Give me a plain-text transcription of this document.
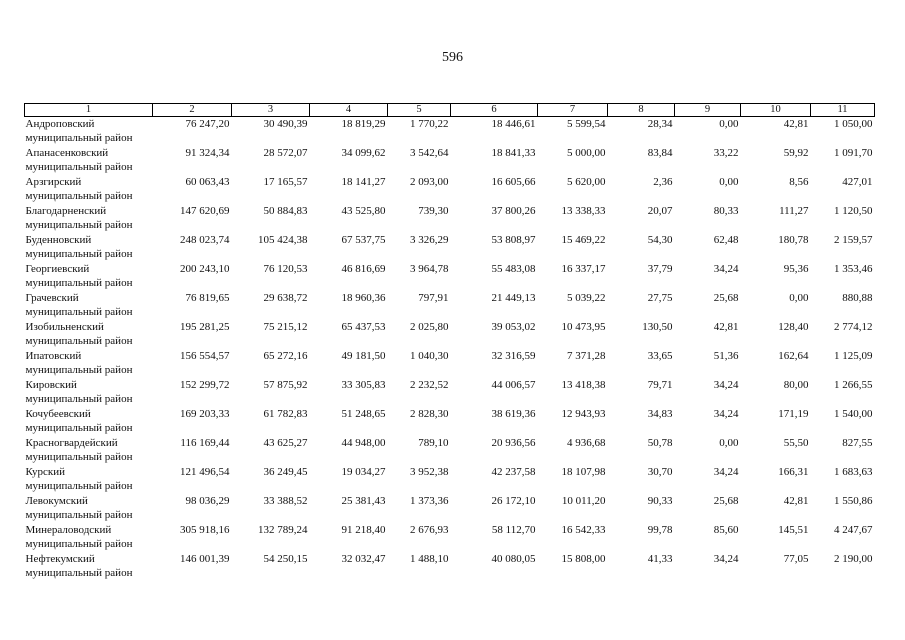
596
1	2	3	4	5	6	7	8	9	10	11

Андроповский
муниципальный район	76 247,20	30 490,39	18 819,29	1 770,22	18 446,61	5 599,54	28,34	0,00	42,81	1 050,00

Апанасенковский
муниципальный район	91 324,34	28 572,07	34 099,62	3 542,64	18 841,33	5 000,00	83,84	33,22	59,92	1 091,70

Арзгирский
муниципальный район	60 063,43	17 165,57	18 141,27	2 093,00	16 605,66	5 620,00	2,36	0,00	8,56	427,01

Благодарненский
муниципальный район	147 620,69	50 884,83	43 525,80	739,30	37 800,26	13 338,33	20,07	80,33	111,27	1 120,50

Буденновский
муниципальный район	248 023,74	105 424,38	67 537,75	3 326,29	53 808,97	15 469,22	54,30	62,48	180,78	2 159,57

Георгиевский
муниципальный район	200 243,10	76 120,53	46 816,69	3 964,78	55 483,08	16 337,17	37,79	34,24	95,36	1 353,46

Грачевский
муниципальный район	76 819,65	29 638,72	18 960,36	797,91	21 449,13	5 039,22	27,75	25,68	0,00	880,88

Изобильненский
муниципальный район	195 281,25	75 215,12	65 437,53	2 025,80	39 053,02	10 473,95	130,50	42,81	128,40	2 774,12

Ипатовский
муниципальный район	156 554,57	65 272,16	49 181,50	1 040,30	32 316,59	7 371,28	33,65	51,36	162,64	1 125,09

Кировский
муниципальный район	152 299,72	57 875,92	33 305,83	2 232,52	44 006,57	13 418,38	79,71	34,24	80,00	1 266,55

Кочубеевский
муниципальный район	169 203,33	61 782,83	51 248,65	2 828,30	38 619,36	12 943,93	34,83	34,24	171,19	1 540,00

Красногвардейский
муниципальный район	116 169,44	43 625,27	44 948,00	789,10	20 936,56	4 936,68	50,78	0,00	55,50	827,55

Курский
муниципальный район	121 496,54	36 249,45	19 034,27	3 952,38	42 237,58	18 107,98	30,70	34,24	166,31	1 683,63

Левокумский
муниципальный район	98 036,29	33 388,52	25 381,43	1 373,36	26 172,10	10 011,20	90,33	25,68	42,81	1 550,86

Минераловодский
муниципальный район	305 918,16	132 789,24	91 218,40	2 676,93	58 112,70	16 542,33	99,78	85,60	145,51	4 247,67

Нефтекумский
муниципальный район	146 001,39	54 250,15	32 032,47	1 488,10	40 080,05	15 808,00	41,33	34,24	77,05	2 190,00
